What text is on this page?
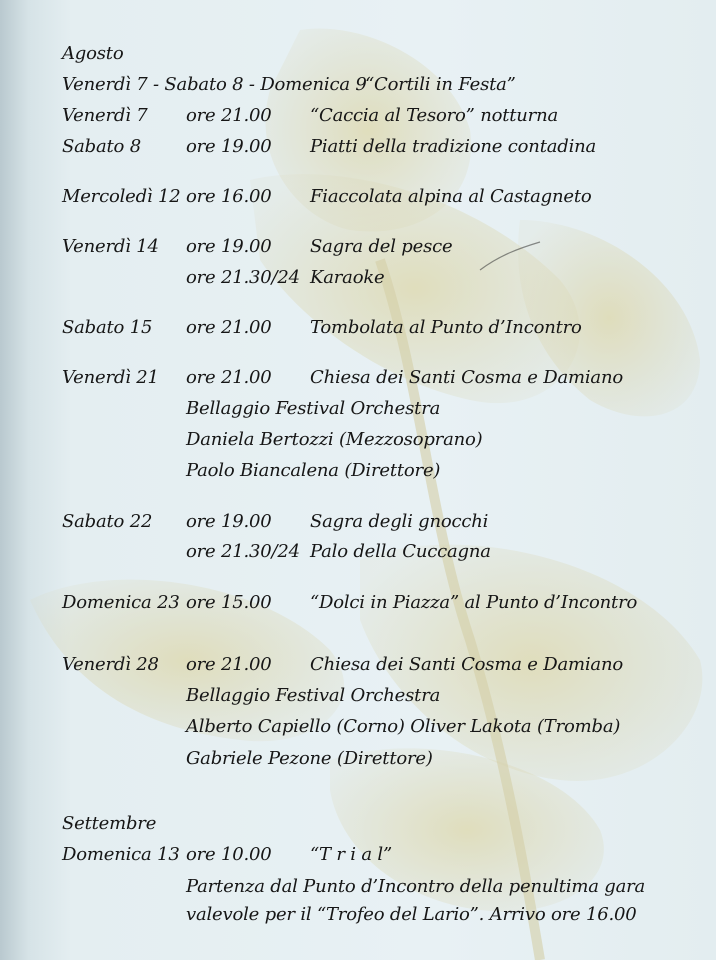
Agosto
Venerdì 7 - Sabato 8 - Domenica 9
“Cortili in Festa”
Venerdì 7 ore 21.00 “Caccia al Tesoro” notturna
Sabato 8	ore 19.00 Piatti della tradizione contadina
Mercoledì 12 ore 16.00 Fiaccolata alpina al Castagneto
Venerdì 14 ore 19.00 Sagra del pesce
ore 21.30/24 Karaoke
Sabato 15 ore 21.00 Tombolata al Punto d’Incontro
Venerdì 21 ore 21.00 Chiesa dei Santi Cosma e Damiano
Bellaggio Festival Orchestra
Daniela Bertozzi (Mezzosoprano)
Paolo Biancalena (Direttore)
Sabato 22 ore 19.00 Sagra degli gnocchi
ore 21.30/24 Palo della Cuccagna
Domenica 23 ore 15.00 “Dolci in Piazza” al Punto d’Incontro
Venerdì 28 ore 21.00 Chiesa dei Santi Cosma e Damiano
Bellaggio Festival Orchestra
Alberto Capiello (Corno) Oliver Lakota (Tromba)
Gabriele Pezone (Direttore)
Settembre
Domenica 13 ore 10.00 “T r i a l”
Partenza dal Punto d’Incontro della penultima gara
valevole per il “Trofeo del Lario”. Arrivo ore 16.00
